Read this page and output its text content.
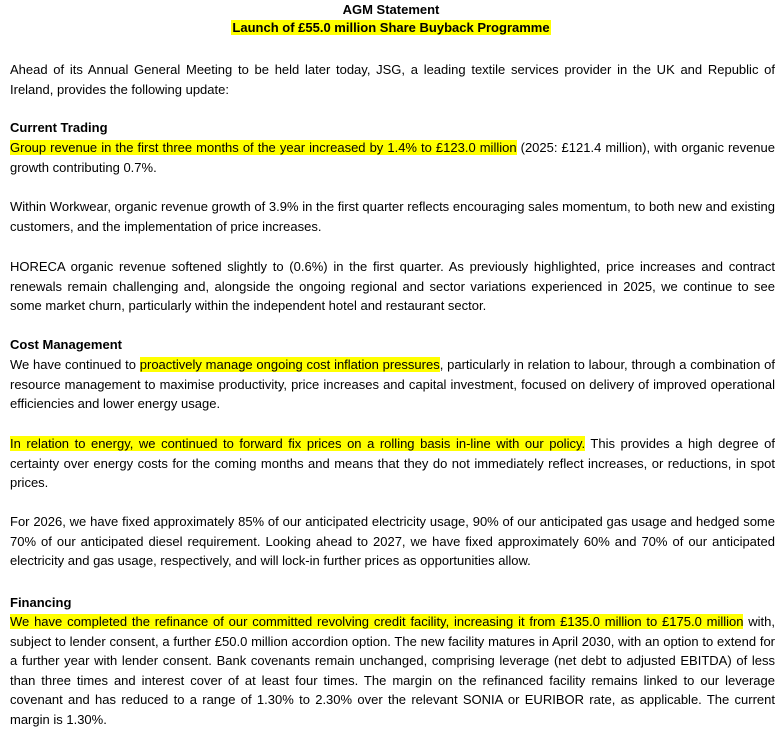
AGM Statement
Launch of £55.0 million Share Buyback Programme
Ahead of its Annual General Meeting to be held later today, JSG, a leading textile services provider in the UK and Republic of Ireland, provides the following update:
Current Trading
Group revenue in the first three months of the year increased by 1.4% to £123.0 million (2025: £121.4 million), with organic revenue growth contributing 0.7%.
Within Workwear, organic revenue growth of 3.9% in the first quarter reflects encouraging sales momentum, to both new and existing customers, and the implementation of price increases.
HORECA organic revenue softened slightly to (0.6%) in the first quarter. As previously highlighted, price increases and contract renewals remain challenging and, alongside the ongoing regional and sector variations experienced in 2025, we continue to see some market churn, particularly within the independent hotel and restaurant sector.
Cost Management
We have continued to proactively manage ongoing cost inflation pressures, particularly in relation to labour, through a combination of resource management to maximise productivity, price increases and capital investment, focused on delivery of improved operational efficiencies and lower energy usage.
In relation to energy, we continued to forward fix prices on a rolling basis in-line with our policy. This provides a high degree of certainty over energy costs for the coming months and means that they do not immediately reflect increases, or reductions, in spot prices.
For 2026, we have fixed approximately 85% of our anticipated electricity usage, 90% of our anticipated gas usage and hedged some 70% of our anticipated diesel requirement. Looking ahead to 2027, we have fixed approximately 60% and 70% of our anticipated electricity and gas usage, respectively, and will lock-in further prices as opportunities allow.
Financing
We have completed the refinance of our committed revolving credit facility, increasing it from £135.0 million to £175.0 million with, subject to lender consent, a further £50.0 million accordion option. The new facility matures in April 2030, with an option to extend for a further year with lender consent. Bank covenants remain unchanged, comprising leverage (net debt to adjusted EBITDA) of less than three times and interest cover of at least four times. The margin on the refinanced facility remains linked to our leverage covenant and has reduced to a range of 1.30% to 2.30% over the relevant SONIA or EURIBOR rate, as applicable. The current margin is 1.30%.
